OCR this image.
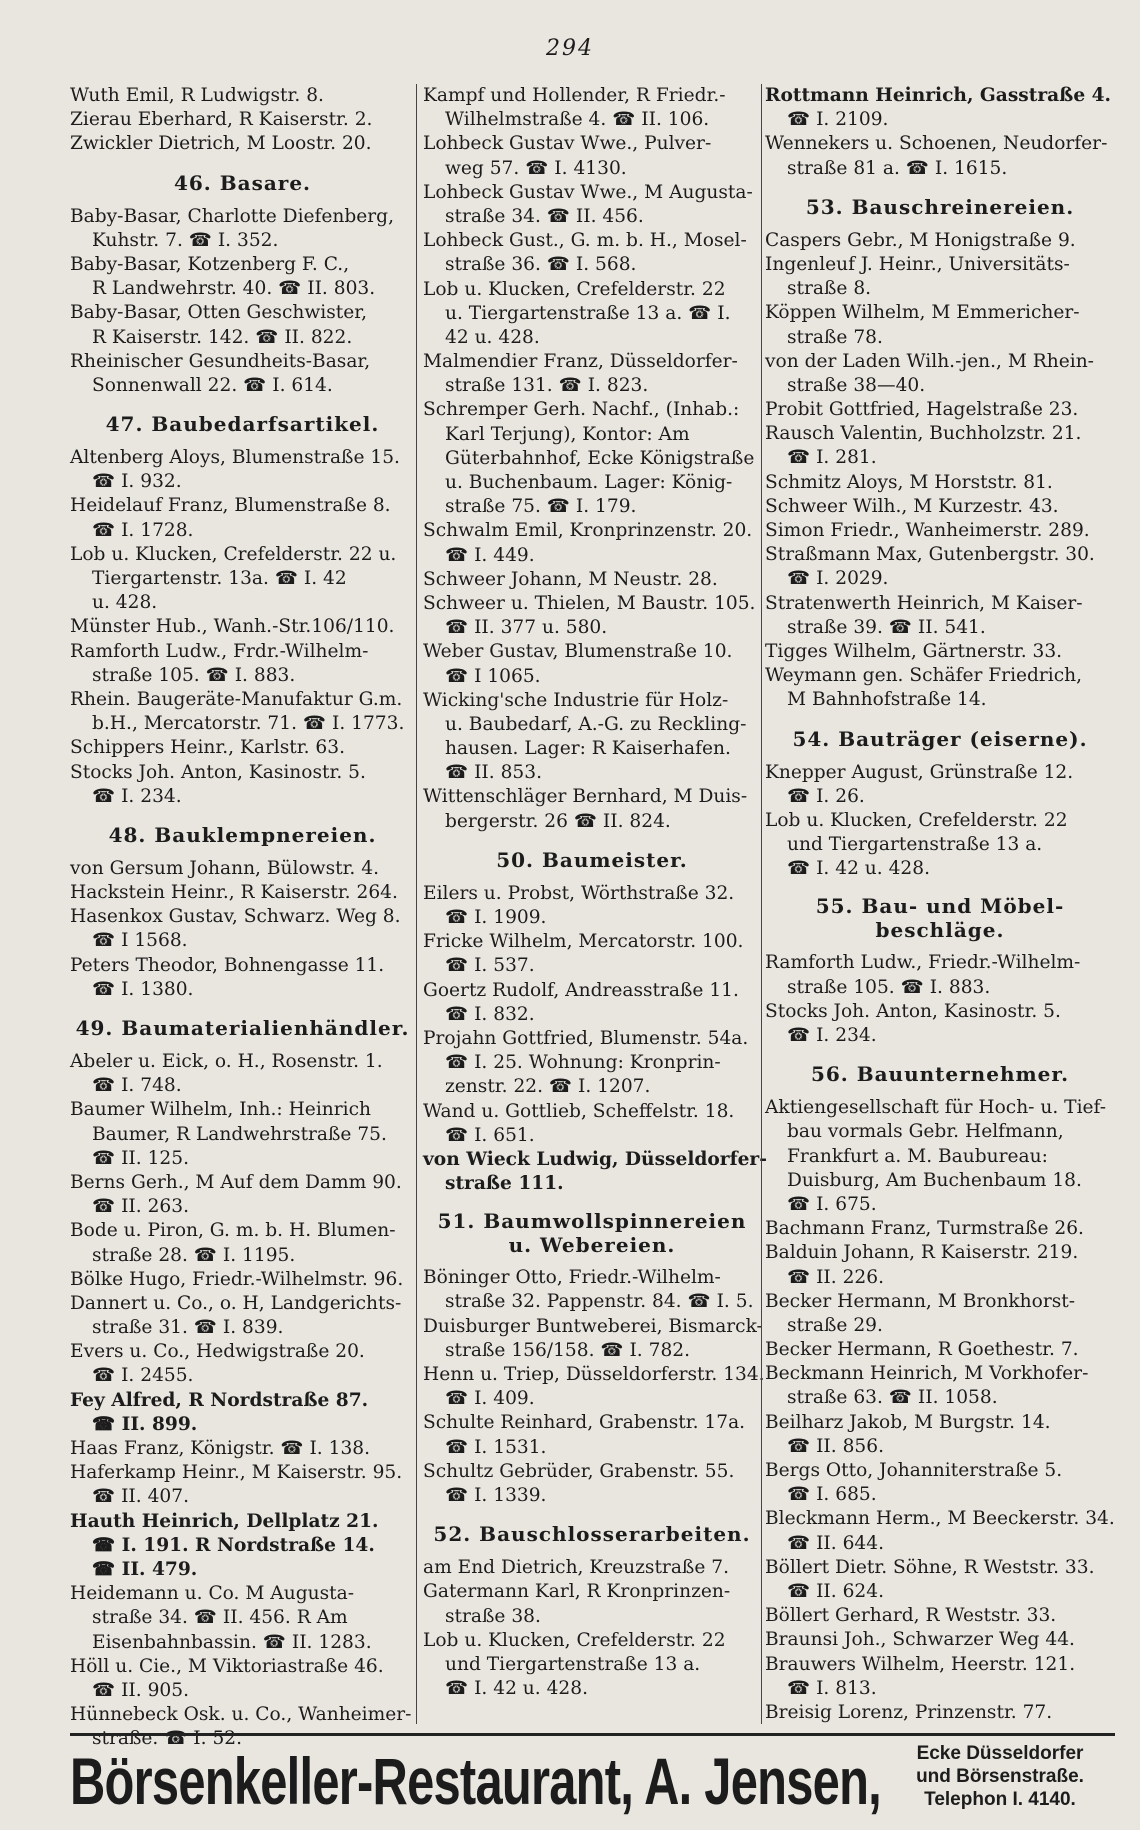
294
Wuth Emil, R Ludwigstr. 8.
Zierau Eberhard, R Kaiserstr. 2.
Zwickler Dietrich, M Loostr. 20.
46. Basare.
Baby-Basar, Charlotte Diefenberg,
Kuhstr. 7. ☎ I. 352.
Baby-Basar, Kotzenberg F. C.,
R Landwehrstr. 40. ☎ II. 803.
Baby-Basar, Otten Geschwister,
R Kaiserstr. 142. ☎ II. 822.
Rheinischer Gesundheits-Basar,
Sonnenwall 22. ☎ I. 614.
47. Baubedarfsartikel.
Altenberg Aloys, Blumenstraße 15.
☎ I. 932.
Heidelauf Franz, Blumenstraße 8.
☎ I. 1728.
Lob u. Klucken, Crefelderstr. 22 u.
Tiergartenstr. 13a. ☎ I. 42
u. 428.
Münster Hub., Wanh.-Str.106/110.
Ramforth Ludw., Frdr.-Wilhelm-
straße 105. ☎ I. 883.
Rhein. Baugeräte-Manufaktur G.m.
b.H., Mercatorstr. 71. ☎ I. 1773.
Schippers Heinr., Karlstr. 63.
Stocks Joh. Anton, Kasinostr. 5.
☎ I. 234.
48. Bauklempnereien.
von Gersum Johann, Bülowstr. 4.
Hackstein Heinr., R Kaiserstr. 264.
Hasenkox Gustav, Schwarz. Weg 8.
☎ I 1568.
Peters Theodor, Bohnengasse 11.
☎ I. 1380.
49. Baumaterialienhändler.
Abeler u. Eick, o. H., Rosenstr. 1.
☎ I. 748.
Baumer Wilhelm, Inh.: Heinrich
Baumer, R Landwehrstraße 75.
☎ II. 125.
Berns Gerh., M Auf dem Damm 90.
☎ II. 263.
Bode u. Piron, G. m. b. H. Blumen-
straße 28. ☎ I. 1195.
Bölke Hugo, Friedr.-Wilhelmstr. 96.
Dannert u. Co., o. H, Landgerichts-
straße 31. ☎ I. 839.
Evers u. Co., Hedwigstraße 20.
☎ I. 2455.
Fey Alfred, R Nordstraße 87.
☎ II. 899.
Haas Franz, Königstr. ☎ I. 138.
Haferkamp Heinr., M Kaiserstr. 95.
☎ II. 407.
Hauth Heinrich, Dellplatz 21.
☎ I. 191. R Nordstraße 14.
☎ II. 479.
Heidemann u. Co. M Augusta-
straße 34. ☎ II. 456. R Am
Eisenbahnbassin. ☎ II. 1283.
Höll u. Cie., M Viktoriastraße 46.
☎ II. 905.
Hünnebeck Osk. u. Co., Wanheimer-
straße. ☎ I. 52.
Kampf und Hollender, R Friedr.-
Wilhelmstraße 4. ☎ II. 106.
Lohbeck Gustav Wwe., Pulver-
weg 57. ☎ I. 4130.
Lohbeck Gustav Wwe., M Augusta-
straße 34. ☎ II. 456.
Lohbeck Gust., G. m. b. H., Mosel-
straße 36. ☎ I. 568.
Lob u. Klucken, Crefelderstr. 22
u. Tiergartenstraße 13 a. ☎ I.
42 u. 428.
Malmendier Franz, Düsseldorfer-
straße 131. ☎ I. 823.
Schremper Gerh. Nachf., (Inhab.:
Karl Terjung), Kontor: Am
Güterbahnhof, Ecke Königstraße
u. Buchenbaum. Lager: König-
straße 75. ☎ I. 179.
Schwalm Emil, Kronprinzenstr. 20.
☎ I. 449.
Schweer Johann, M Neustr. 28.
Schweer u. Thielen, M Baustr. 105.
☎ II. 377 u. 580.
Weber Gustav, Blumenstraße 10.
☎ I 1065.
Wicking'sche Industrie für Holz-
u. Baubedarf, A.-G. zu Reckling-
hausen. Lager: R Kaiserhafen.
☎ II. 853.
Wittenschläger Bernhard, M Duis-
bergerstr. 26 ☎ II. 824.
50. Baumeister.
Eilers u. Probst, Wörthstraße 32.
☎ I. 1909.
Fricke Wilhelm, Mercatorstr. 100.
☎ I. 537.
Goertz Rudolf, Andreasstraße 11.
☎ I. 832.
Projahn Gottfried, Blumenstr. 54a.
☎ I. 25. Wohnung: Kronprin-
zenstr. 22. ☎ I. 1207.
Wand u. Gottlieb, Scheffelstr. 18.
☎ I. 651.
von Wieck Ludwig, Düsseldorfer-
straße 111.
51. Baumwollspinnereien u. Webereien.
Böninger Otto, Friedr.-Wilhelm-
straße 32. Pappenstr. 84. ☎ I. 5.
Duisburger Buntweberei, Bismarck-
straße 156/158. ☎ I. 782.
Henn u. Triep, Düsseldorferstr. 134.
☎ I. 409.
Schulte Reinhard, Grabenstr. 17a.
☎ I. 1531.
Schultz Gebrüder, Grabenstr. 55.
☎ I. 1339.
52. Bauschlosserarbeiten.
am End Dietrich, Kreuzstraße 7.
Gatermann Karl, R Kronprinzen-
straße 38.
Lob u. Klucken, Crefelderstr. 22
und Tiergartenstraße 13 a.
☎ I. 42 u. 428.
Rottmann Heinrich, Gasstraße 4.
☎ I. 2109.
Wennekers u. Schoenen, Neudorfer-
straße 81 a. ☎ I. 1615.
53. Bauschreinereien.
Caspers Gebr., M Honigstraße 9.
Ingenleuf J. Heinr., Universitäts-
straße 8.
Köppen Wilhelm, M Emmericher-
straße 78.
von der Laden Wilh.-jen., M Rhein-
straße 38—40.
Probit Gottfried, Hagelstraße 23.
Rausch Valentin, Buchholzstr. 21.
☎ I. 281.
Schmitz Aloys, M Horststr. 81.
Schweer Wilh., M Kurzestr. 43.
Simon Friedr., Wanheimerstr. 289.
Straßmann Max, Gutenbergstr. 30.
☎ I. 2029.
Stratenwerth Heinrich, M Kaiser-
straße 39. ☎ II. 541.
Tigges Wilhelm, Gärtnerstr. 33.
Weymann gen. Schäfer Friedrich,
M Bahnhofstraße 14.
54. Bauträger (eiserne).
Knepper August, Grünstraße 12.
☎ I. 26.
Lob u. Klucken, Crefelderstr. 22
und Tiergartenstraße 13 a.
☎ I. 42 u. 428.
55. Bau- und Möbel- beschläge.
Ramforth Ludw., Friedr.-Wilhelm-
straße 105. ☎ I. 883.
Stocks Joh. Anton, Kasinostr. 5.
☎ I. 234.
56. Bauunternehmer.
Aktiengesellschaft für Hoch- u. Tief-
bau vormals Gebr. Helfmann,
Frankfurt a. M. Baubureau:
Duisburg, Am Buchenbaum 18.
☎ I. 675.
Bachmann Franz, Turmstraße 26.
Balduin Johann, R Kaiserstr. 219.
☎ II. 226.
Becker Hermann, M Bronkhorst-
straße 29.
Becker Hermann, R Goethestr. 7.
Beckmann Heinrich, M Vorkhofer-
straße 63. ☎ II. 1058.
Beilharz Jakob, M Burgstr. 14.
☎ II. 856.
Bergs Otto, Johanniterstraße 5.
☎ I. 685.
Bleckmann Herm., M Beeckerstr. 34.
☎ II. 644.
Böllert Dietr. Söhne, R Weststr. 33.
☎ II. 624.
Böllert Gerhard, R Weststr. 33.
Braunsi Joh., Schwarzer Weg 44.
Brauwers Wilhelm, Heerstr. 121.
☎ I. 813.
Breisig Lorenz, Prinzenstr. 77.
Börsenkeller-Restaurant, A. Jensen,	Ecke Düsseldorfer
und Börsenstraße.
Telephon I. 4140.
